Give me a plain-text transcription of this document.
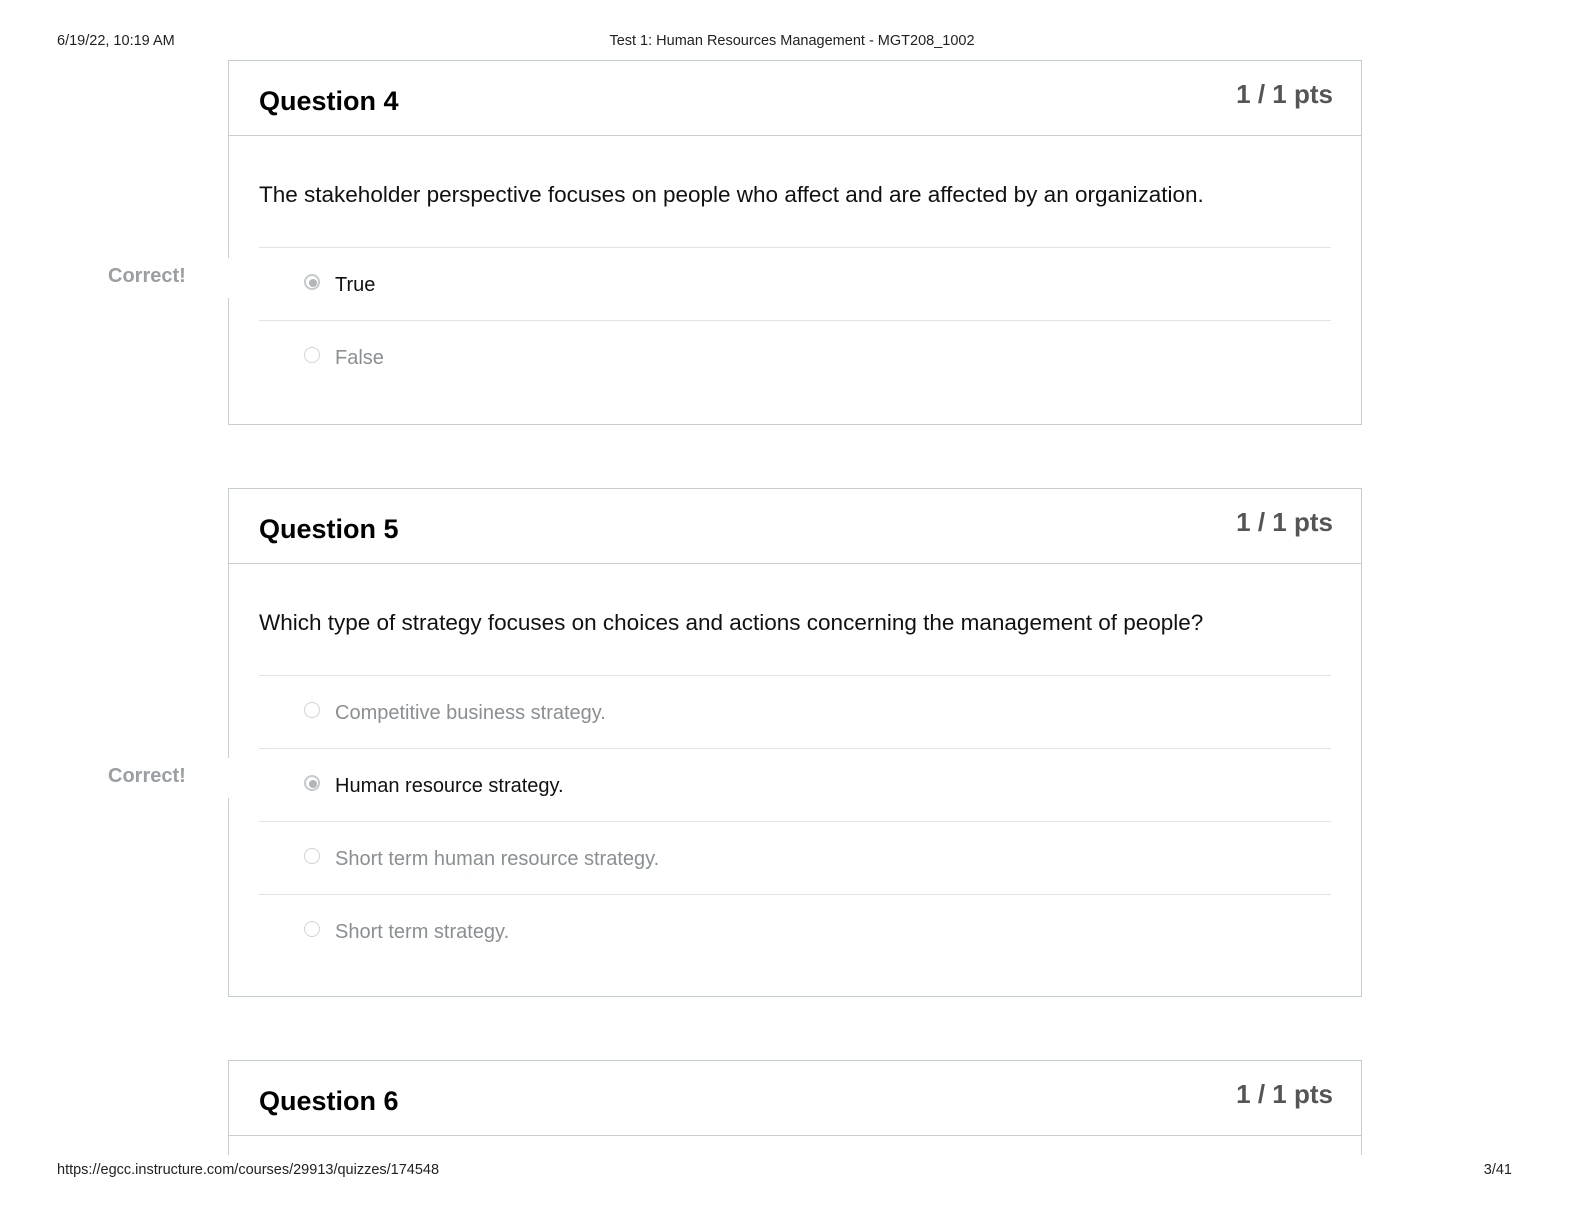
6/19/22, 10:19 AM	Test 1: Human Resources Management - MGT208_1002
Question 4	1 / 1 pts
The stakeholder perspective focuses on people who affect and are affected by an organization.
True
False
Correct!
Question 5	1 / 1 pts
Which type of strategy focuses on choices and actions concerning the management of people?
Competitive business strategy.
Human resource strategy.
Short term human resource strategy.
Short term strategy.
Correct!
Question 6	1 / 1 pts
https://egcc.instructure.com/courses/29913/quizzes/174548	3/41
